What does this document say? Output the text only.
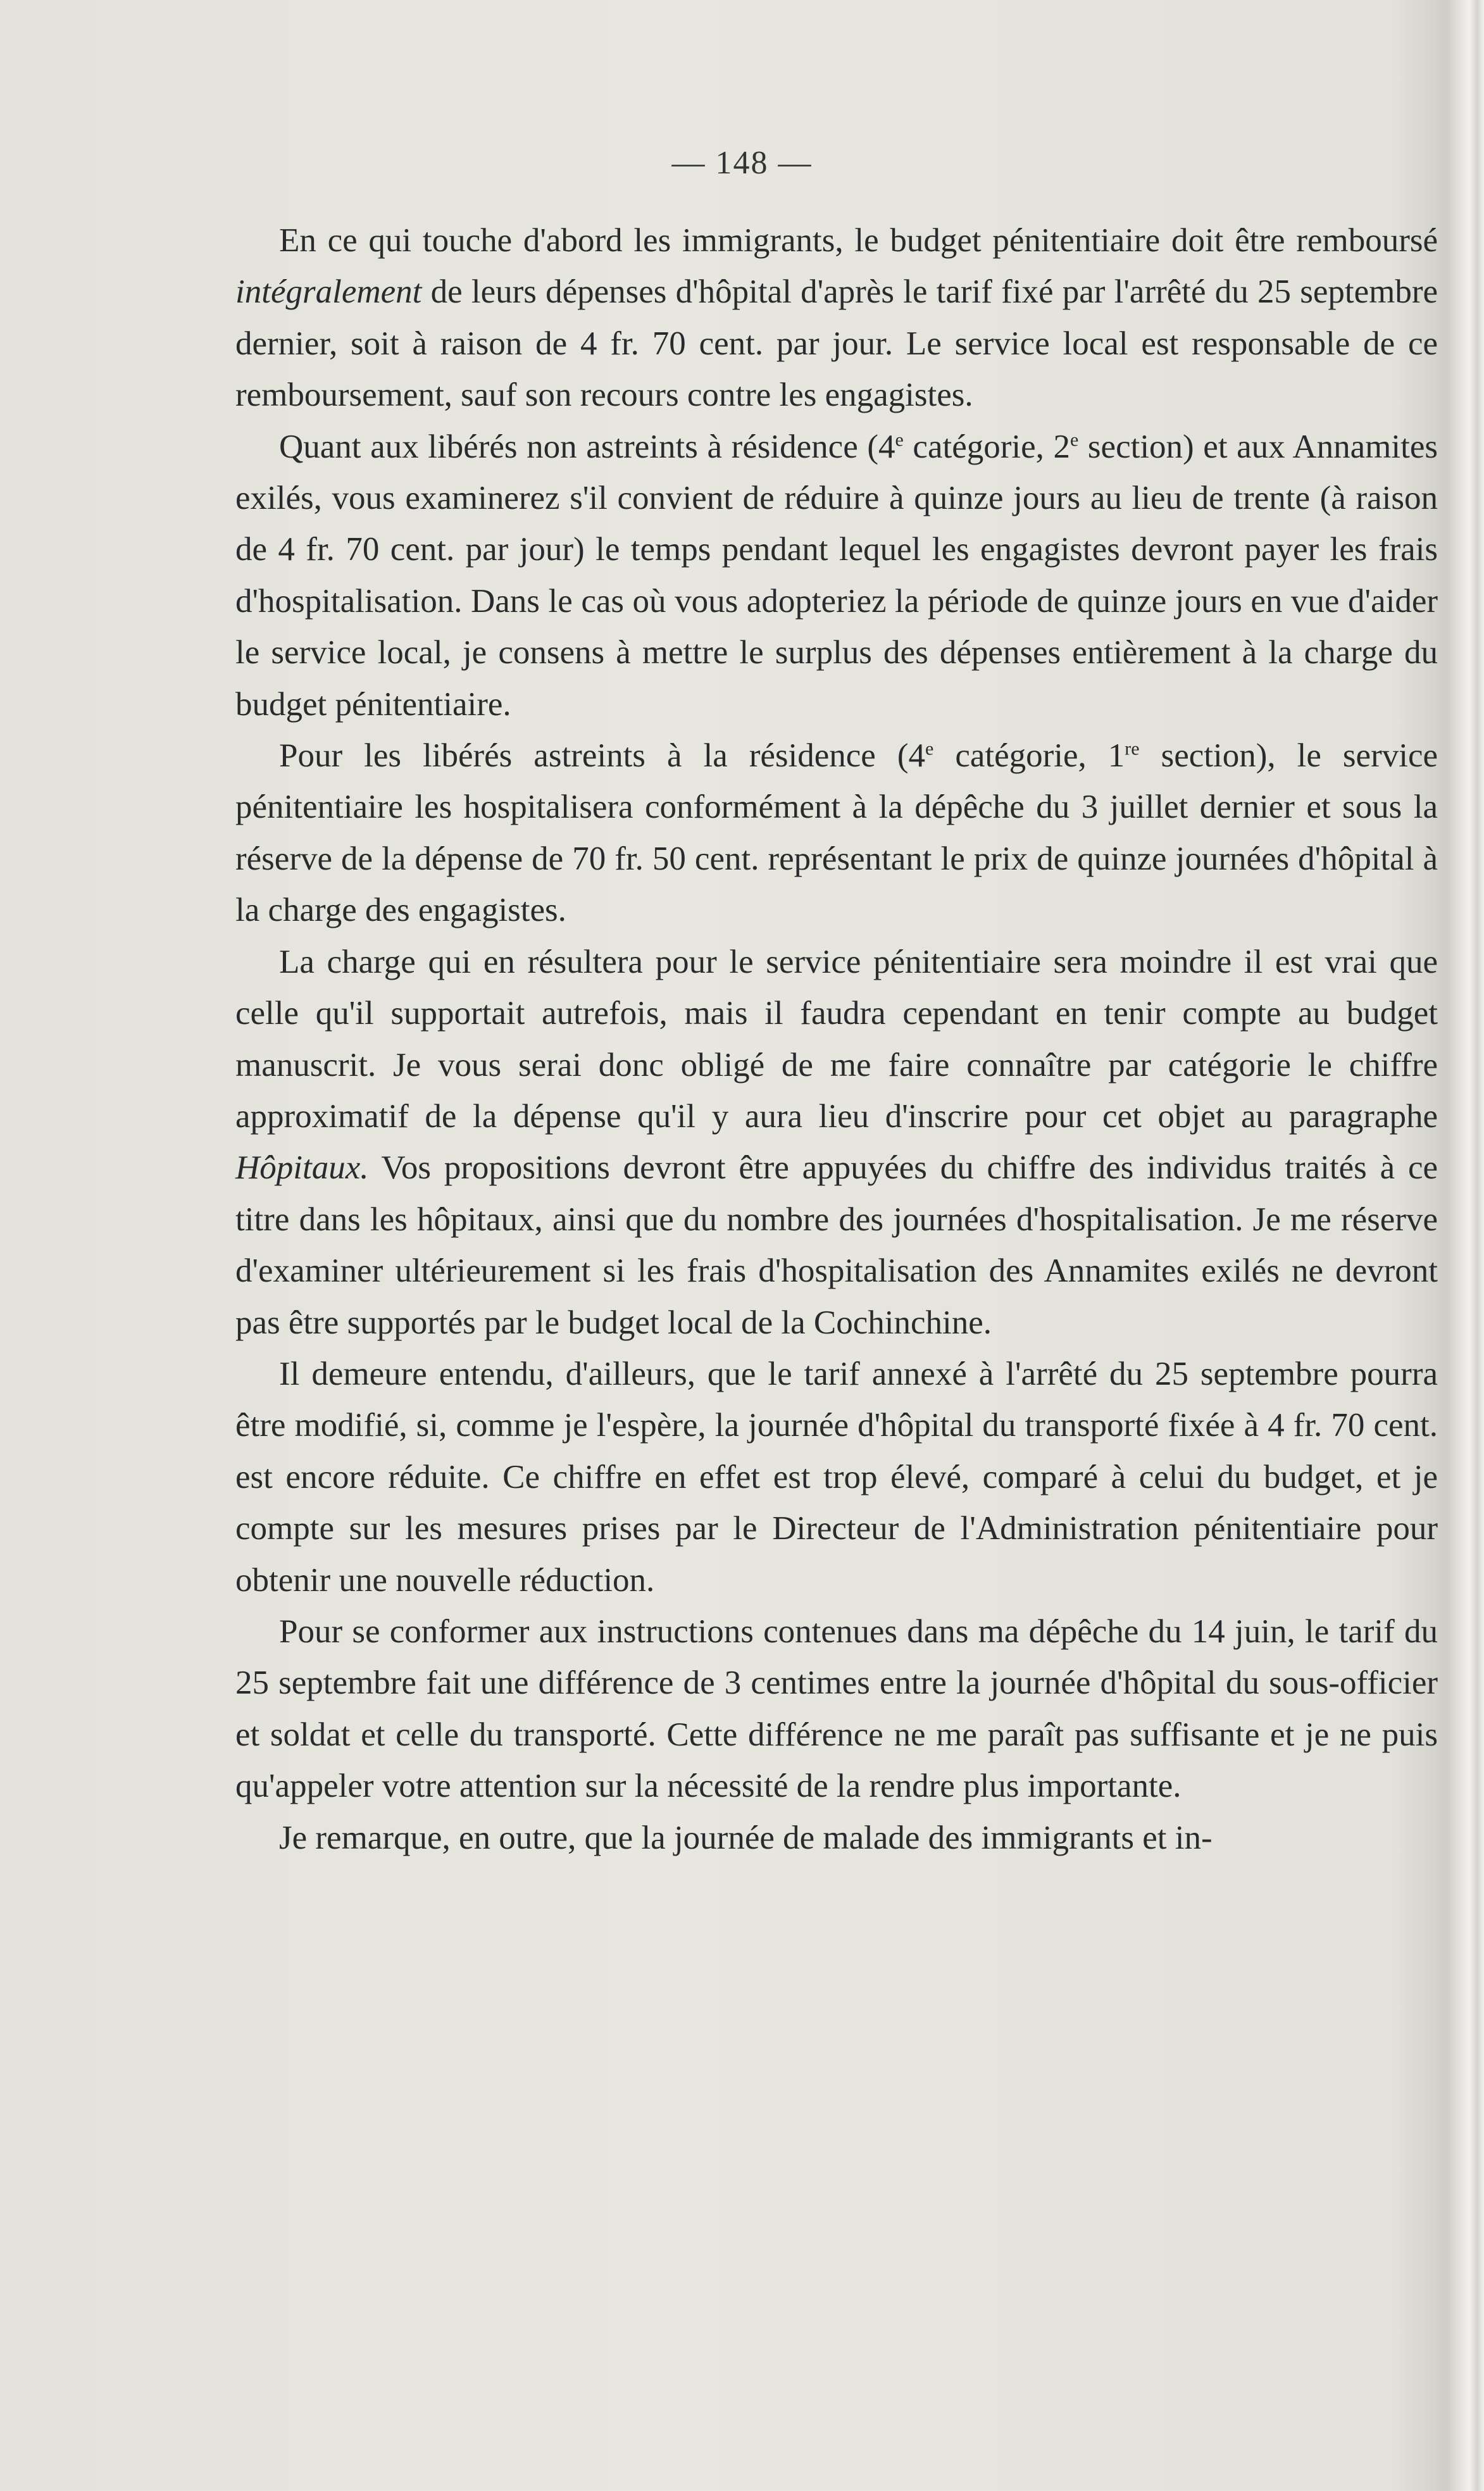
— 148 —

En ce qui touche d'abord les immigrants, le budget pénitentiaire doit être remboursé intégralement de leurs dépenses d'hôpital d'après le tarif fixé par l'arrêté du 25 septembre dernier, soit à raison de 4 fr. 70 cent. par jour. Le service local est responsable de ce remboursement, sauf son recours contre les engagistes.

Quant aux libérés non astreints à résidence (4e catégorie, 2e section) et aux Annamites exilés, vous examinerez s'il convient de réduire à quinze jours au lieu de trente (à raison de 4 fr. 70 cent. par jour) le temps pendant lequel les engagistes devront payer les frais d'hospitalisation. Dans le cas où vous adopteriez la période de quinze jours en vue d'aider le service local, je consens à mettre le surplus des dépenses entièrement à la charge du budget pénitentiaire.

Pour les libérés astreints à la résidence (4e catégorie, 1re section), le service pénitentiaire les hospitalisera conformément à la dépêche du 3 juillet dernier et sous la réserve de la dépense de 70 fr. 50 cent. représentant le prix de quinze journées d'hôpital à la charge des engagistes.

La charge qui en résultera pour le service pénitentiaire sera moindre il est vrai que celle qu'il supportait autrefois, mais il faudra cependant en tenir compte au budget manuscrit. Je vous serai donc obligé de me faire connaître par catégorie le chiffre approximatif de la dépense qu'il y aura lieu d'inscrire pour cet objet au paragraphe Hôpitaux. Vos propositions devront être appuyées du chiffre des individus traités à ce titre dans les hôpitaux, ainsi que du nombre des journées d'hospitalisation. Je me réserve d'examiner ultérieurement si les frais d'hospitalisation des Annamites exilés ne devront pas être supportés par le budget local de la Cochinchine.

Il demeure entendu, d'ailleurs, que le tarif annexé à l'arrêté du 25 septembre pourra être modifié, si, comme je l'espère, la journée d'hôpital du transporté fixée à 4 fr. 70 cent. est encore réduite. Ce chiffre en effet est trop élevé, comparé à celui du budget, et je compte sur les mesures prises par le Directeur de l'Administration pénitentiaire pour obtenir une nouvelle réduction.

Pour se conformer aux instructions contenues dans ma dépêche du 14 juin, le tarif du 25 septembre fait une différence de 3 centimes entre la journée d'hôpital du sous-officier et soldat et celle du transporté. Cette différence ne me paraît pas suffisante et je ne puis qu'appeler votre attention sur la nécessité de la rendre plus importante.

Je remarque, en outre, que la journée de malade des immigrants et in-
